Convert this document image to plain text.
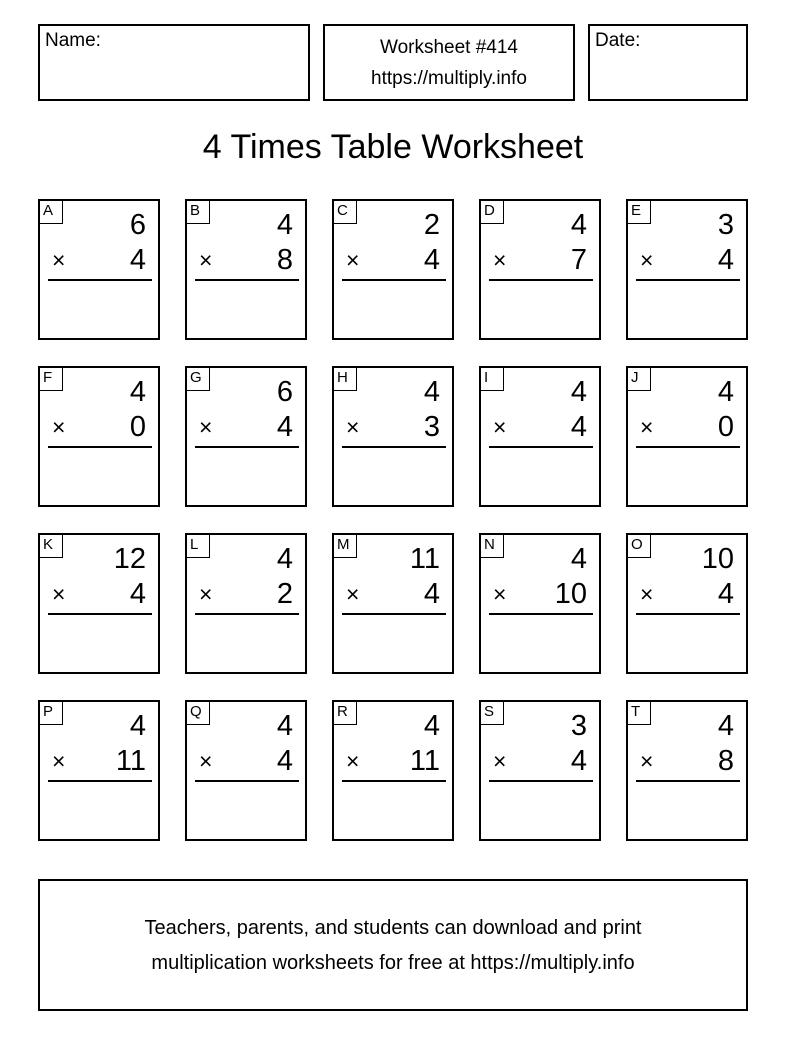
Name:	Worksheet #414
https://multiply.info
Date:
4 Times Table Worksheet
A	6
× 4
B	4
× 8
C	2
× 4
D	4
× 7
E	3
× 4
F	4
× 0
G	6
× 4
H	4
× 3
I	4
× 4
J	4
× 0
K	12
× 4
L	4
× 2
M 11
× 4
N	4
× 10
O 10
× 4
P	4
× 11
Q	4
× 4
R	4
× 11
S	3
× 4
T	4
× 8
Teachers, parents, and students can download and print
multiplication worksheets for free at https://multiply.info
